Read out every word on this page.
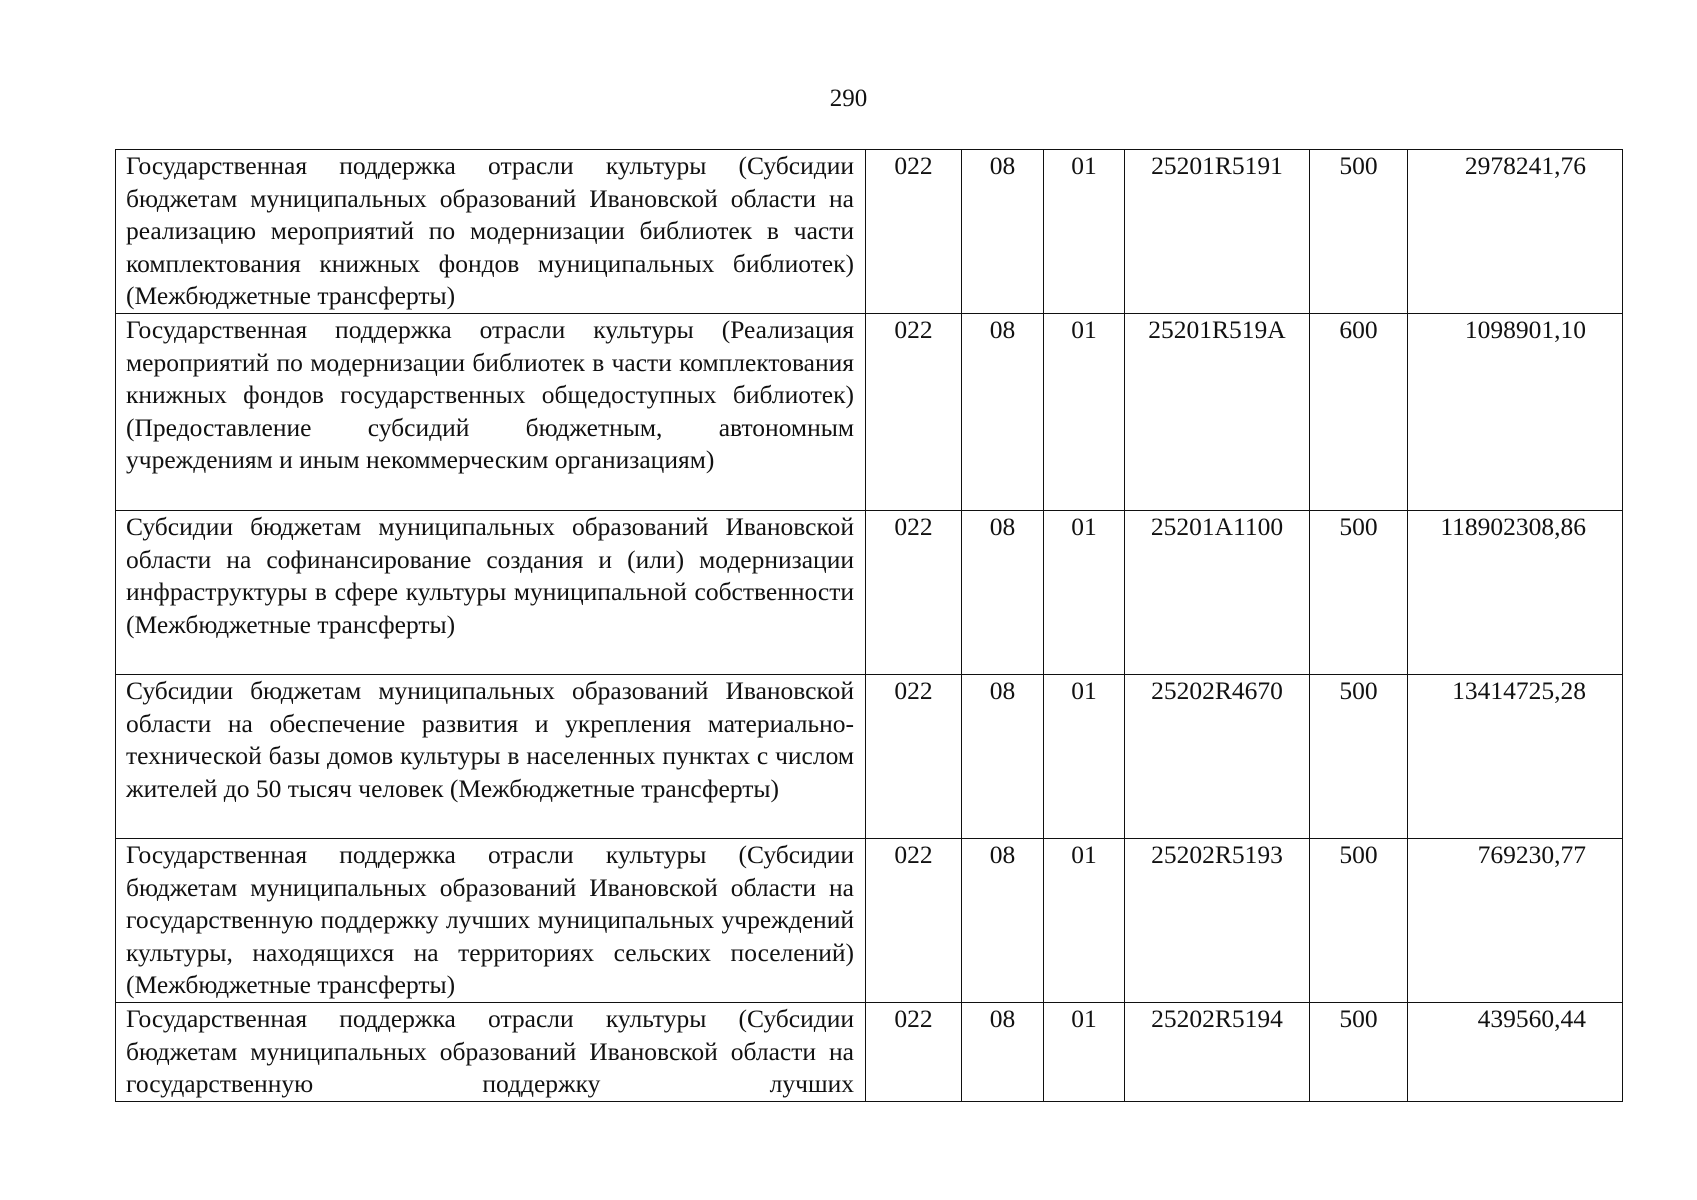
290
Государственная поддержка отрасли культуры (Субсидии бюджетам муниципальных образований Ивановской области на реализацию мероприятий по модернизации библиотек в части комплектования книжных фондов муниципальных библиотек) (Межбюджетные трансферты)	022	08	01	25201R5191	500	2978241,76
Государственная поддержка отрасли культуры (Реализация мероприятий по модернизации библиотек в части комплектования книжных фондов государственных общедоступных библиотек) (Предоставление субсидий бюджетным, автономным учреждениям и иным некоммерческим организациям)	022	08	01	25201R519A	600	1098901,10
Субсидии бюджетам муниципальных образований Ивановской области на софинансирование создания и (или) модернизации инфраструктуры в сфере культуры муниципальной собственности (Межбюджетные трансферты)	022	08	01	25201A1100	500	118902308,86
Субсидии бюджетам муниципальных образований Ивановской области на обеспечение развития и укрепления материально-технической базы домов культуры в населенных пунктах с числом жителей до 50 тысяч человек (Межбюджетные трансферты)	022	08	01	25202R4670	500	13414725,28
Государственная поддержка отрасли культуры (Субсидии бюджетам муниципальных образований Ивановской области на государственную поддержку лучших муниципальных учреждений культуры, находящихся на территориях сельских поселений) (Межбюджетные трансферты)	022	08	01	25202R5193	500	769230,77
Государственная поддержка отрасли культуры (Субсидии бюджетам муниципальных образований Ивановской области на государственную поддержку лучших	022	08	01	25202R5194	500	439560,44
